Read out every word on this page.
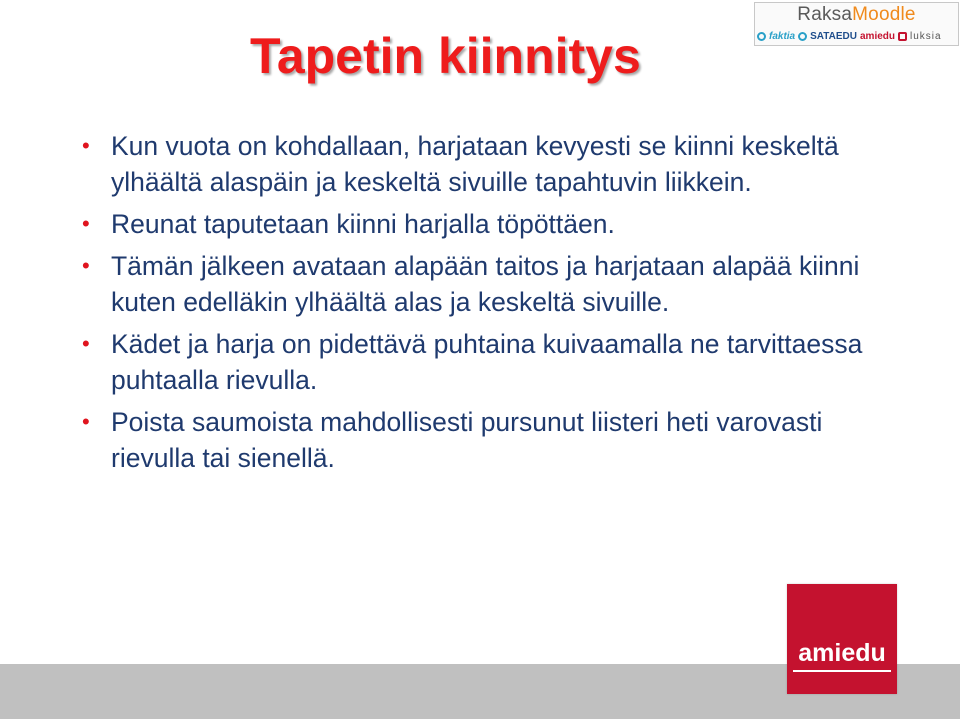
Tapetin kiinnitys
RaksaMoodle
faktia SATAEDU amiedu luksia
• Kun vuota on kohdallaan, harjataan kevyesti se kiinni keskeltä ylhäältä alaspäin ja keskeltä sivuille tapahtuvin liikkein.
• Reunat taputetaan kiinni harjalla töpöttäen.
• Tämän jälkeen avataan alapään taitos ja harjataan alapää kiinni kuten edelläkin ylhäältä alas ja keskeltä sivuille.
• Kädet ja harja on pidettävä puhtaina kuivaamalla ne tarvittaessa puhtaalla rievulla.
• Poista saumoista mahdollisesti pursunut liisteri heti varovasti rievulla tai sienellä.
amiedu
